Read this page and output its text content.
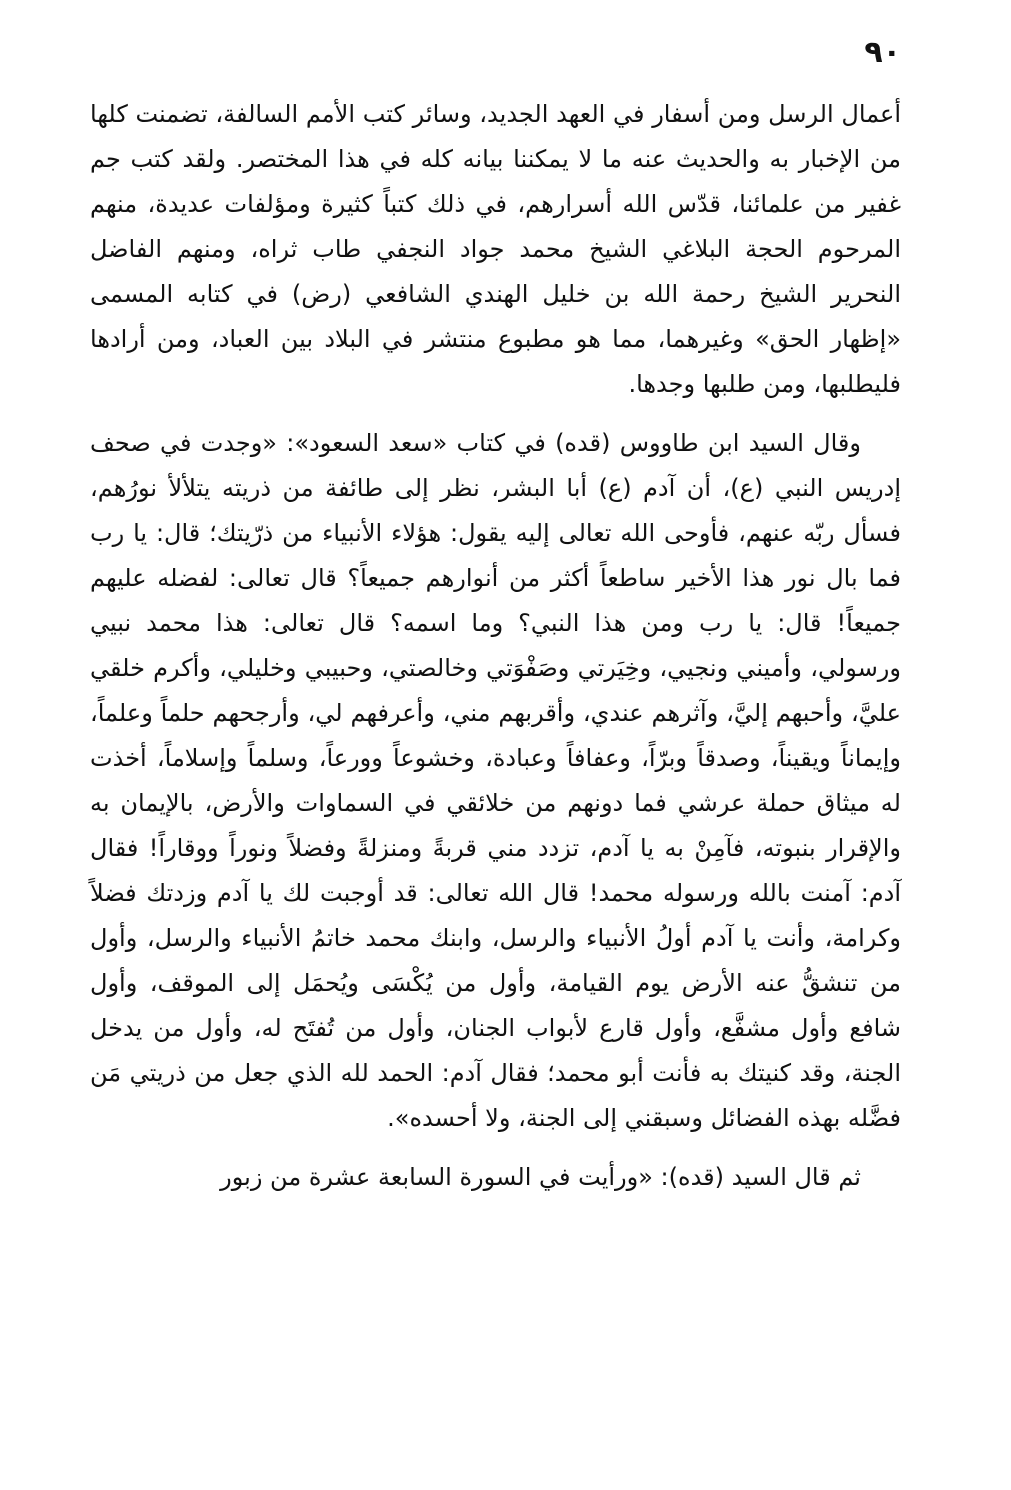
٩٠

أعمال الرسل ومن أسفار في العهد الجديد، وسائر كتب الأمم السالفة، تضمنت كلها من الإخبار به والحديث عنه ما لا يمكننا بيانه كله في هذا المختصر. ولقد كتب جم غفير من علمائنا، قدّس الله أسرارهم، في ذلك كتباً كثيرة ومؤلفات عديدة، منهم المرحوم الحجة البلاغي الشيخ محمد جواد النجفي طاب ثراه، ومنهم الفاضل النحرير الشيخ رحمة الله بن خليل الهندي الشافعي (رض) في كتابه المسمى «إظهار الحق» وغيرهما، مما هو مطبوع منتشر في البلاد بين العباد، ومن أرادها فليطلبها، ومن طلبها وجدها.

وقال السيد ابن طاووس (قده) في كتاب «سعد السعود»: «وجدت في صحف إدريس النبي (ع)، أن آدم (ع) أبا البشر، نظر إلى طائفة من ذريته يتلألأ نورُهم، فسأل ربّه عنهم، فأوحى الله تعالى إليه يقول: هؤلاء الأنبياء من ذرّيتك؛ قال: يا رب فما بال نور هذا الأخير ساطعاً أكثر من أنوارهم جميعاً؟ قال تعالى: لفضله عليهم جميعاً! قال: يا رب ومن هذا النبي؟ وما اسمه؟ قال تعالى: هذا محمد نبيي ورسولي، وأميني ونجيي، وخِيَرتي وصَفْوَتي وخالصتي، وحبيبي وخليلي، وأكرم خلقي عليَّ، وأحبهم إليَّ، وآثرهم عندي، وأقربهم مني، وأعرفهم لي، وأرجحهم حلماً وعلماً، وإيماناً ويقيناً، وصدقاً وبرّاً، وعفافاً وعبادة، وخشوعاً وورعاً، وسلماً وإسلاماً، أخذت له ميثاق حملة عرشي فما دونهم من خلائقي في السماوات والأرض، بالإيمان به والإقرار بنبوته، فآمِنْ به يا آدم، تزدد مني قربةً ومنزلةً وفضلاً ونوراً ووقاراً! فقال آدم: آمنت بالله ورسوله محمد! قال الله تعالى: قد أوجبت لك يا آدم وزدتك فضلاً وكرامة، وأنت يا آدم أولُ الأنبياء والرسل، وابنك محمد خاتمُ الأنبياء والرسل، وأول من تنشقُّ عنه الأرض يوم القيامة، وأول من يُكْسَى ويُحمَل إلى الموقف، وأول شافع وأول مشفَّع، وأول قارع لأبواب الجنان، وأول من تُفتَح له، وأول من يدخل الجنة، وقد كنيتك به فأنت أبو محمد؛ فقال آدم: الحمد لله الذي جعل من ذريتي مَن فضَّله بهذه الفضائل وسبقني إلى الجنة، ولا أحسده».

ثم قال السيد (قده): «ورأيت في السورة السابعة عشرة من زبور
